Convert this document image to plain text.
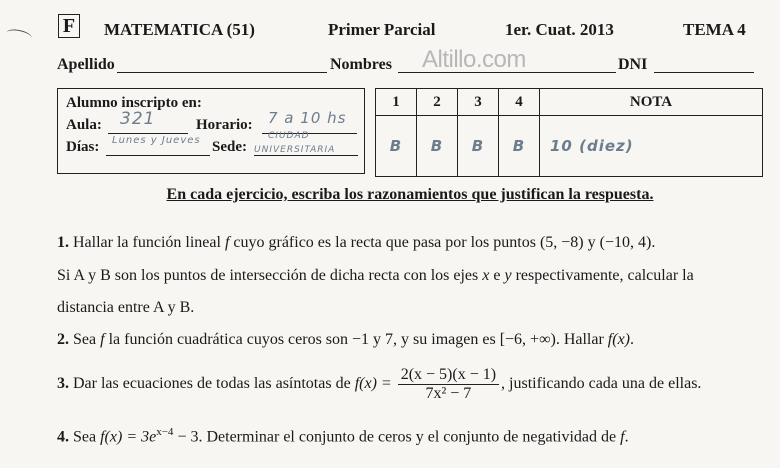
F MATEMATICA (51)	Primer Parcial	1er. Cuat. 2013	TEMA 4
Apellido	Nombres Altillo.com	DNI
Alumno inscripto en:
Aula: 321	Horario: 7 a 10 hs
Días: Lunes y Jueves Sede:
CIUDAD
UNIVERSITARIA
1	2	3	4	NOTA
B	B	B	B	10 (diez)
En cada ejercicio, escriba los razonamientos que justifican la respuesta.
1. Hallar la función lineal f cuyo gráfico es la recta que pasa por los puntos (5, −8) y (−10, 4).
Si A y B son los puntos de intersección de dicha recta con los ejes x e y respectivamente, calcular la
distancia entre A y B.
2. Sea f la función cuadrática cuyos ceros son −1 y 7, y su imagen es [−6, +∞). Hallar f(x).
3. Dar las ecuaciones de todas las asíntotas de $f(x) = \frac{2(x - 5)(x - 1)}{\text{7x² − 7}}$ , justificando cada una de ellas.
4. Sea $f(x) = 3e^{x-4} - 3$. Determinar el conjunto de ceros y el conjunto de negatividad de f.
